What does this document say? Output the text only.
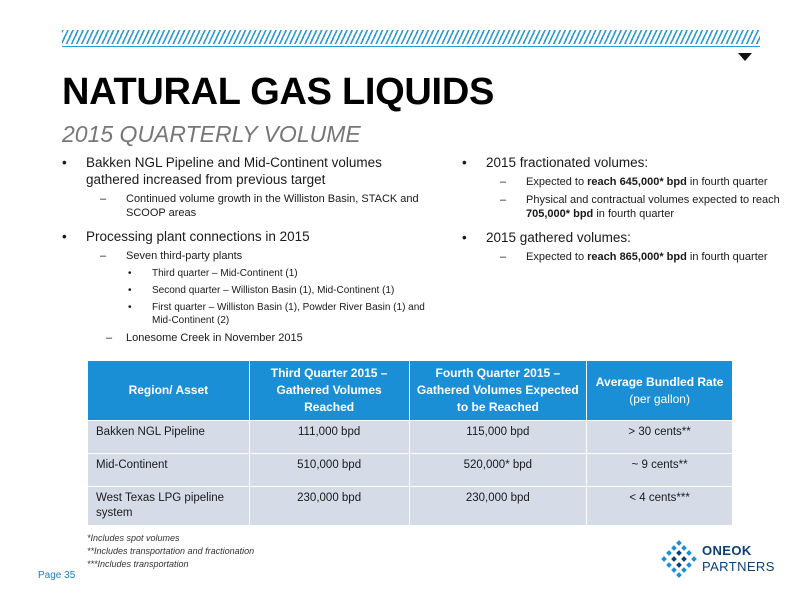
NATURAL GAS LIQUIDS
2015 QUARTERLY VOLUME
• Bakken NGL Pipeline and Mid-Continent volumes gathered increased from previous target
– Continued volume growth in the Williston Basin, STACK and SCOOP areas
• Processing plant connections in 2015
– Seven third-party plants
• Third quarter – Mid-Continent (1)
• Second quarter – Williston Basin (1), Mid-Continent (1)
• First quarter – Williston Basin (1), Powder River Basin (1) and Mid-Continent (2)
– Lonesome Creek in November 2015
• 2015 fractionated volumes:
– Expected to reach 645,000* bpd in fourth quarter
– Physical and contractual volumes expected to reach 705,000* bpd in fourth quarter
• 2015 gathered volumes:
– Expected to reach 865,000* bpd in fourth quarter
Region/ Asset	Third Quarter 2015 – Gathered Volumes Reached	Fourth Quarter 2015 – Gathered Volumes Expected to be Reached	Average Bundled Rate
(per gallon)

Bakken NGL Pipeline	111,000 bpd	115,000 bpd	> 30 cents**
Mid-Continent	510,000 bpd	520,000* bpd	~ 9 cents**
West Texas LPG pipeline system	230,000 bpd	230,000 bpd	< 4 cents***
*Includes spot volumes
**Includes transportation and fractionation
***Includes transportation
Page 35
ONEOK
PARTNERS
